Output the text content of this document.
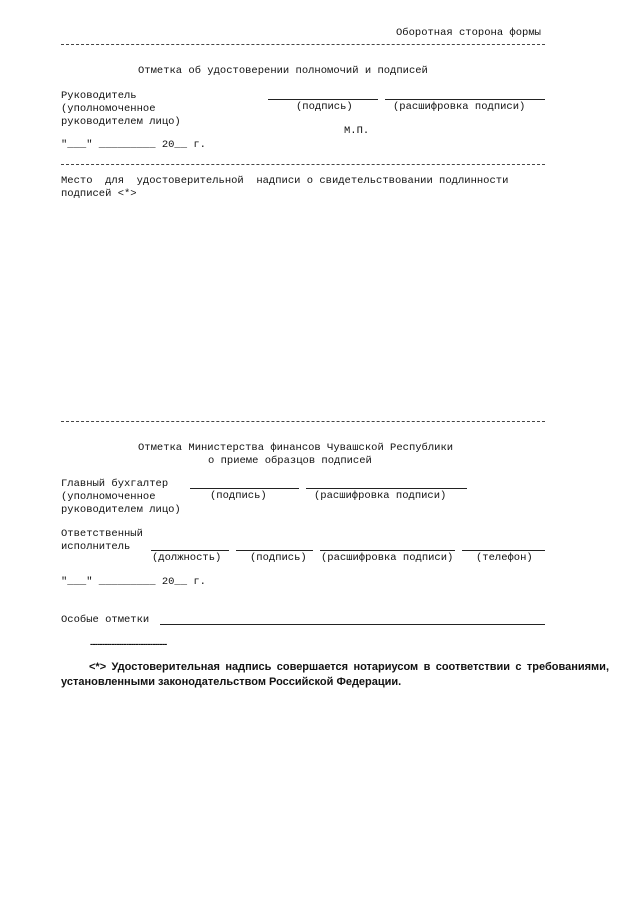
Оборотная сторона формы
Отметка об удостоверении полномочий и подписей
Руководитель
(уполномоченное
руководителем лицо)
(подпись)	(расшифровка подписи)
М.П.
"___" _________ 20__ г.
Место  для  удостоверительной  надписи о свидетельствовании подлинности
подписей <*>
Отметка Министерства финансов Чувашской Республики
о приеме образцов подписей
Главный бухгалтер
(уполномоченное
руководителем лицо)
(подпись)	(расшифровка подписи)
Ответственный
исполнитель
(должность)	(подпись) (расшифровка подписи) (телефон)
"___" _________ 20__ г.
Особые отметки
--------------------------------
<*> Удостоверительная надпись совершается нотариусом в соответствии с требованиями, установленными законодательством Российской Федерации.
